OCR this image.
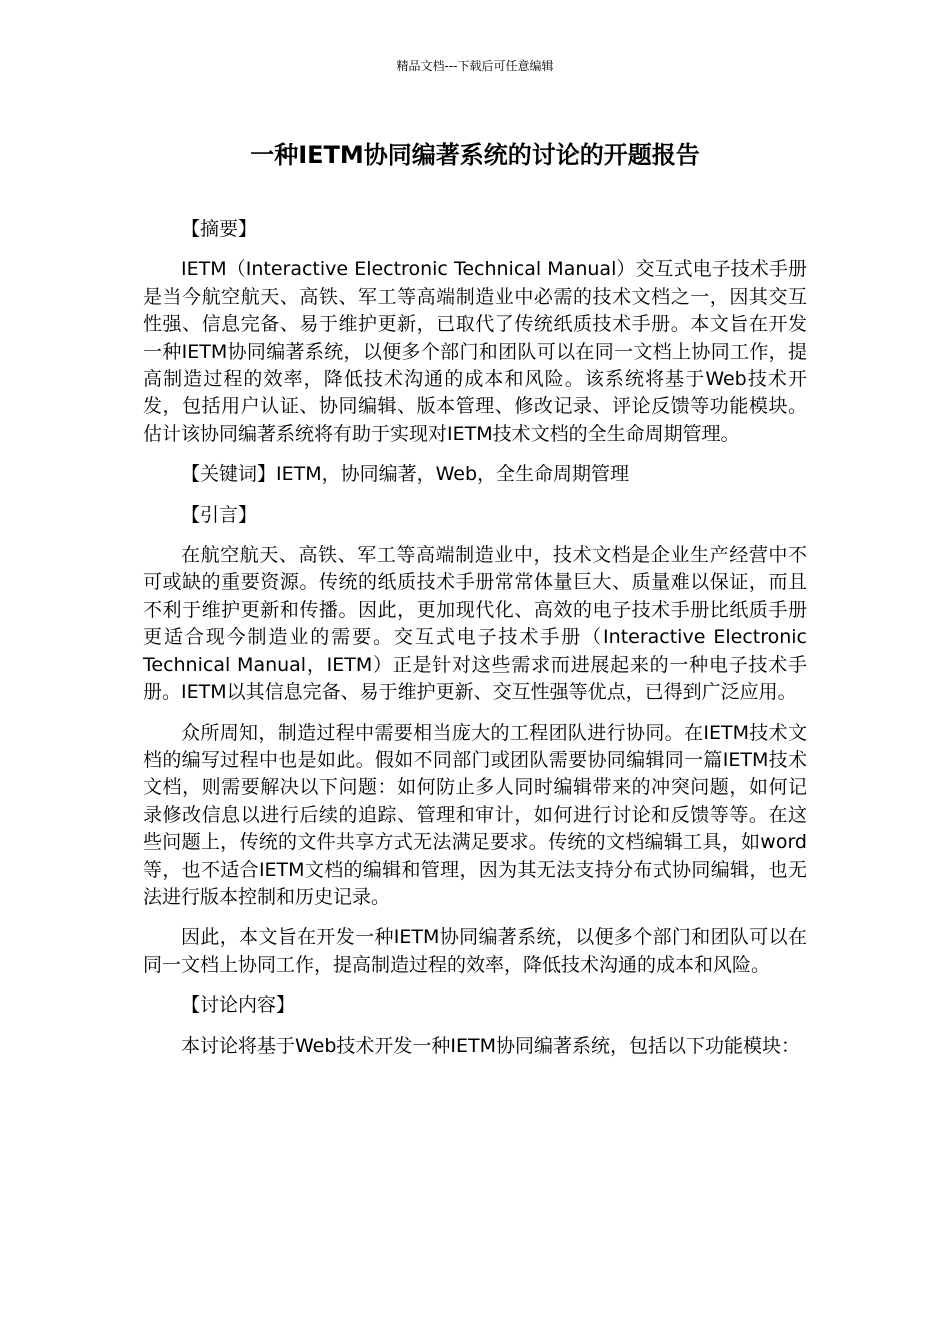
精品文档---下载后可任意编辑
一种IETM协同编著系统的讨论的开题报告

【摘要】

IETM（Interactive Electronic Technical Manual）交互式电子技术手册是当今航空航天、高铁、军工等高端制造业中必需的技术文档之一，因其交互性强、信息完备、易于维护更新，已取代了传统纸质技术手册。本文旨在开发一种IETM协同编著系统，以便多个部门和团队可以在同一文档上协同工作，提高制造过程的效率，降低技术沟通的成本和风险。该系统将基于Web技术开发，包括用户认证、协同编辑、版本管理、修改记录、评论反馈等功能模块。估计该协同编著系统将有助于实现对IETM技术文档的全生命周期管理。

【关键词】IETM，协同编著，Web，全生命周期管理

【引言】

在航空航天、高铁、军工等高端制造业中，技术文档是企业生产经营中不可或缺的重要资源。传统的纸质技术手册常常体量巨大、质量难以保证，而且不利于维护更新和传播。因此，更加现代化、高效的电子技术手册比纸质手册更适合现今制造业的需要。交互式电子技术手册（Interactive Electronic Technical Manual，IETM）正是针对这些需求而进展起来的一种电子技术手册。IETM以其信息完备、易于维护更新、交互性强等优点，已得到广泛应用。

众所周知，制造过程中需要相当庞大的工程团队进行协同。在IETM技术文档的编写过程中也是如此。假如不同部门或团队需要协同编辑同一篇IETM技术文档，则需要解决以下问题：如何防止多人同时编辑带来的冲突问题，如何记录修改信息以进行后续的追踪、管理和审计，如何进行讨论和反馈等等。在这些问题上，传统的文件共享方式无法满足要求。传统的文档编辑工具，如word等，也不适合IETM文档的编辑和管理，因为其无法支持分布式协同编辑，也无法进行版本控制和历史记录。

因此，本文旨在开发一种IETM协同编著系统，以便多个部门和团队可以在同一文档上协同工作，提高制造过程的效率，降低技术沟通的成本和风险。

【讨论内容】

本讨论将基于Web技术开发一种IETM协同编著系统，包括以下功能模块：
